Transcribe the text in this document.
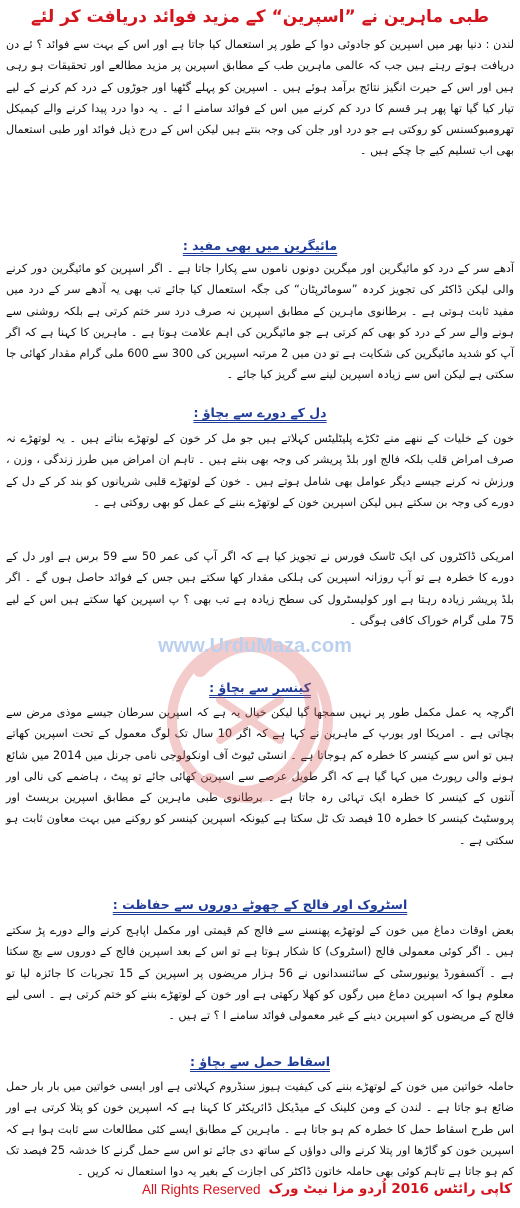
طبی ماہرین نے ”اسپرین“ کے مزید فوائد دریافت کر لئے
لندن : دنیا بھر میں اسپرین کو جادوئی دوا کے طور پر استعمال کیا جاتا ہے اور اس کے بہت سے فوائد ؟ ئے دن دریافت ہوتے رہتے ہیں جب کہ عالمی ماہرین طب کے مطابق اسپرین پر مزید مطالعے اور تحقیقات ہو رہی ہیں اور اس کے حیرت انگیز نتائج برآمد ہوئے ہیں ۔ اسپرین کو پہلے گٹھیا اور جوڑوں کے درد کم کرنے کے لیے تیار کیا گیا تھا پھر ہر قسم کا درد کم کرنے میں اس کے فوائد سامنے ا ئے ۔ یہ دوا درد پیدا کرنے والے کیمیکل تھرومبوکسنس کو روکتی ہے جو درد اور جلن کی وجہ بنتے ہیں لیکن اس کے درج ذیل فوائد اور طبی استعمال بھی اب تسلیم کیے جا چکے ہیں ۔
مائیگرین میں بھی مفید :
آدھے سر کے درد کو مائیگرین اور میگرین دونوں ناموں سے پکارا جاتا ہے ۔ اگر اسپرین کو مائیگرین دور کرنے والی لیکن ڈاکٹر کی تجویز کردہ ”سوماٹرپٹان“ کی جگہ استعمال کیا جائے تب بھی یہ آدھے سر کے درد میں مفید ثابت ہوتی ہے ۔ برطانوی ماہرین کے مطابق اسپرین نہ صرف درد سر ختم کرتی ہے بلکہ روشنی سے ہونے والے سر کے درد کو بھی کم کرتی ہے جو مائیگرین کی اہم علامت ہوتا ہے ۔ ماہرین کا کہنا ہے کہ اگر آپ کو شدید مائیگرین کی شکایت ہے تو دن میں 2 مرتبہ اسپرین کی 300 سے 600 ملی گرام مقدار کھائی جا سکتی ہے لیکن اس سے زیادہ اسپرین لینے سے گریز کیا جائے ۔
دل کے دورے سے بچاؤ :
خون کے خلیات کے ننھے منے ٹکڑے پلیٹلیٹس کہلاتے ہیں جو مل کر خون کے لوتھڑے بناتے ہیں ۔ یہ لوتھڑے نہ صرف امراض قلب بلکہ فالج اور بلڈ پریشر کی وجہ بھی بنتے ہیں ۔ تاہم ان امراض میں طرز زندگی ، وزن ، ورزش نہ کرنے جیسے دیگر عوامل بھی شامل ہوتے ہیں ۔ خون کے لوتھڑے قلبی شریانوں کو بند کر کے دل کے دورے کی وجہ بن سکتے ہیں لیکن اسپرین خون کے لوتھڑے بننے کے عمل کو بھی روکتی ہے ۔
امریکی ڈاکٹروں کی ایک ٹاسک فورس نے تجویز کیا ہے کہ اگر آپ کی عمر 50 سے 59 برس ہے اور دل کے دورے کا خطرہ ہے تو آپ روزانہ اسپرین کی ہلکی مقدار کھا سکتے ہیں جس کے فوائد حاصل ہوں گے ۔ اگر بلڈ پریشر زیادہ رہتا ہے اور کولیسٹرول کی سطح زیادہ ہے تب بھی ؟ پ اسپرین کھا سکتے ہیں اس کے لیے 75 ملی گرام خوراک کافی ہوگی ۔
کینسر سے بچاؤ :
اگرچہ یہ عمل مکمل طور پر نہیں سمجھا گیا لیکن خیال یہ ہے کہ اسپرین سرطان جیسے موذی مرض سے بچاتی ہے ۔ امریکا اور یورپ کے ماہرین نے کہا ہے کہ اگر 10 سال تک لوگ معمول کے تحت اسپرین کھاتے ہیں تو اس سے کینسر کا خطرہ کم ہوجاتا ہے ۔ انسٹی ٹیوٹ آف اونکولوجی نامی جرنل میں 2014 میں شائع ہونے والی رپورٹ میں کہا گیا ہے کہ اگر طویل عرصے سے اسپرین کھائی جائے تو پیٹ ، ہاضمے کی نالی اور آنتوں کے کینسر کا خطرہ ایک تہائی رہ جاتا ہے ۔ برطانوی طبی ماہرین کے مطابق اسپرین بریسٹ اور پروسٹیٹ کینسر کا خطرہ 10 فیصد تک ٹل سکتا ہے کیونکہ اسپرین کینسر کو روکنے میں بہت معاون ثابت ہو سکتی ہے ۔
اسٹروک اور فالج کے چھوٹے دوروں سے حفاظت :
بعض اوقات دماغ میں خون کے لوتھڑے پھنسنے سے فالج کم قیمتی اور مکمل اپاہج کرنے والے دورے پڑ سکتے ہیں ۔ اگر کوئی معمولی فالج (اسٹروک) کا شکار ہوتا ہے تو اس کے بعد اسپرین فالج کے دوروں سے بچ سکتا ہے ۔ آکسفورڈ یونیورسٹی کے سائنسدانوں نے 56 ہزار مریضوں پر اسپرین کے 15 تجربات کا جائزہ لیا تو معلوم ہوا کہ اسپرین دماغ میں رگوں کو کھلا رکھتی ہے اور خون کے لوتھڑے بننے کو ختم کرتی ہے ۔ اسی لیے فالج کے مریضوں کو اسپرین دینے کے غیر معمولی فوائد سامنے ا ؟ تے ہیں ۔
اسقاط حمل سے بچاؤ :
حاملہ خواتین میں خون کے لوتھڑے بننے کی کیفیت ہیوز سنڈروم کہلاتی ہے اور ایسی خواتین میں بار بار حمل ضائع ہو جاتا ہے ۔ لندن کے ومن کلینک کے میڈیکل ڈائریکٹر کا کہنا ہے کہ اسپرین خون کو پتلا کرتی ہے اور اس طرح اسقاط حمل کا خطرہ کم ہو جاتا ہے ۔ ماہرین کے مطابق ایسے کئی مطالعات سے ثابت ہوا ہے کہ اسپرین خون کو گاڑھا اور پتلا کرنے والی دواؤں کے ساتھ دی جائے تو اس سے حمل گرنے کا خدشہ 25 فیصد تک کم ہو جاتا ہے تاہم کوئی بھی حاملہ خاتون ڈاکٹر کی اجازت کے بغیر یہ دوا استعمال نہ کریں ۔
www.UrduMaza.com
کاپی رائٹس 2016 اُردو مزا نیٹ ورک
All Rights Reserved
